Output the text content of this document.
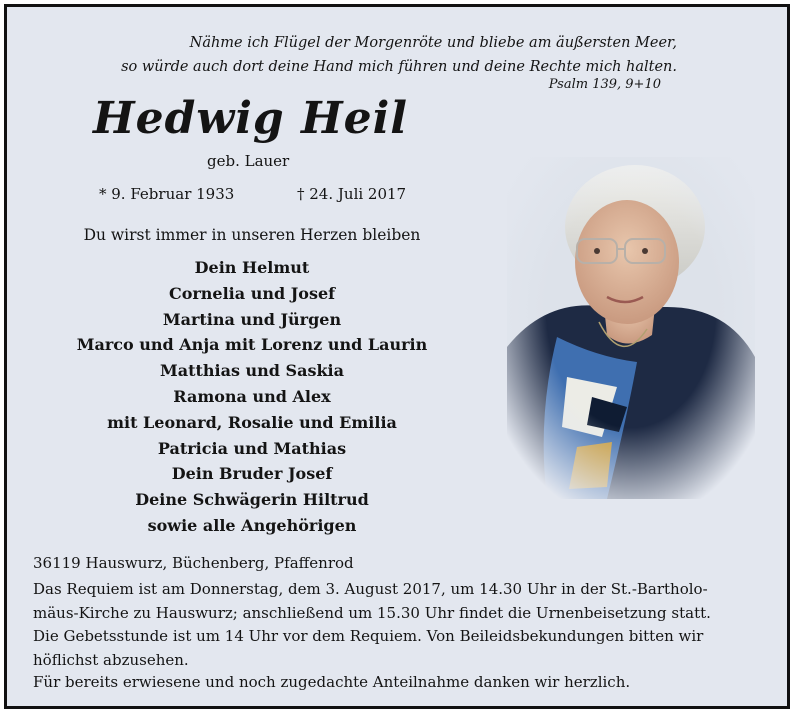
Nähme ich Flügel der Morgenröte und bliebe am äußersten Meer,
so würde auch dort deine Hand mich führen und deine Rechte mich halten.
Psalm 139, 9+10
Hedwig Heil
geb. Lauer
* 9. Februar 1933	† 24. Juli 2017
Du wirst immer in unseren Herzen bleiben
Dein Helmut
Cornelia und Josef
Martina und Jürgen
Marco und Anja mit Lorenz und Laurin
Matthias und Saskia
Ramona und Alex
mit Leonard, Rosalie und Emilia
Patricia und Mathias
Dein Bruder Josef
Deine Schwägerin Hiltrud
sowie alle Angehörigen
36119 Hauswurz, Büchenberg, Pfaffenrod
Das Requiem ist am Donnerstag, dem 3. August 2017, um 14.30 Uhr in der St.-Bartholo-
mäus-Kirche zu Hauswurz; anschließend um 15.30 Uhr findet die Urnenbeisetzung statt.
Die Gebetsstunde ist um 14 Uhr vor dem Requiem. Von Beileidsbekundungen bitten wir
höflichst abzusehen.
Für bereits erwiesene und noch zugedachte Anteilnahme danken wir herzlich.
